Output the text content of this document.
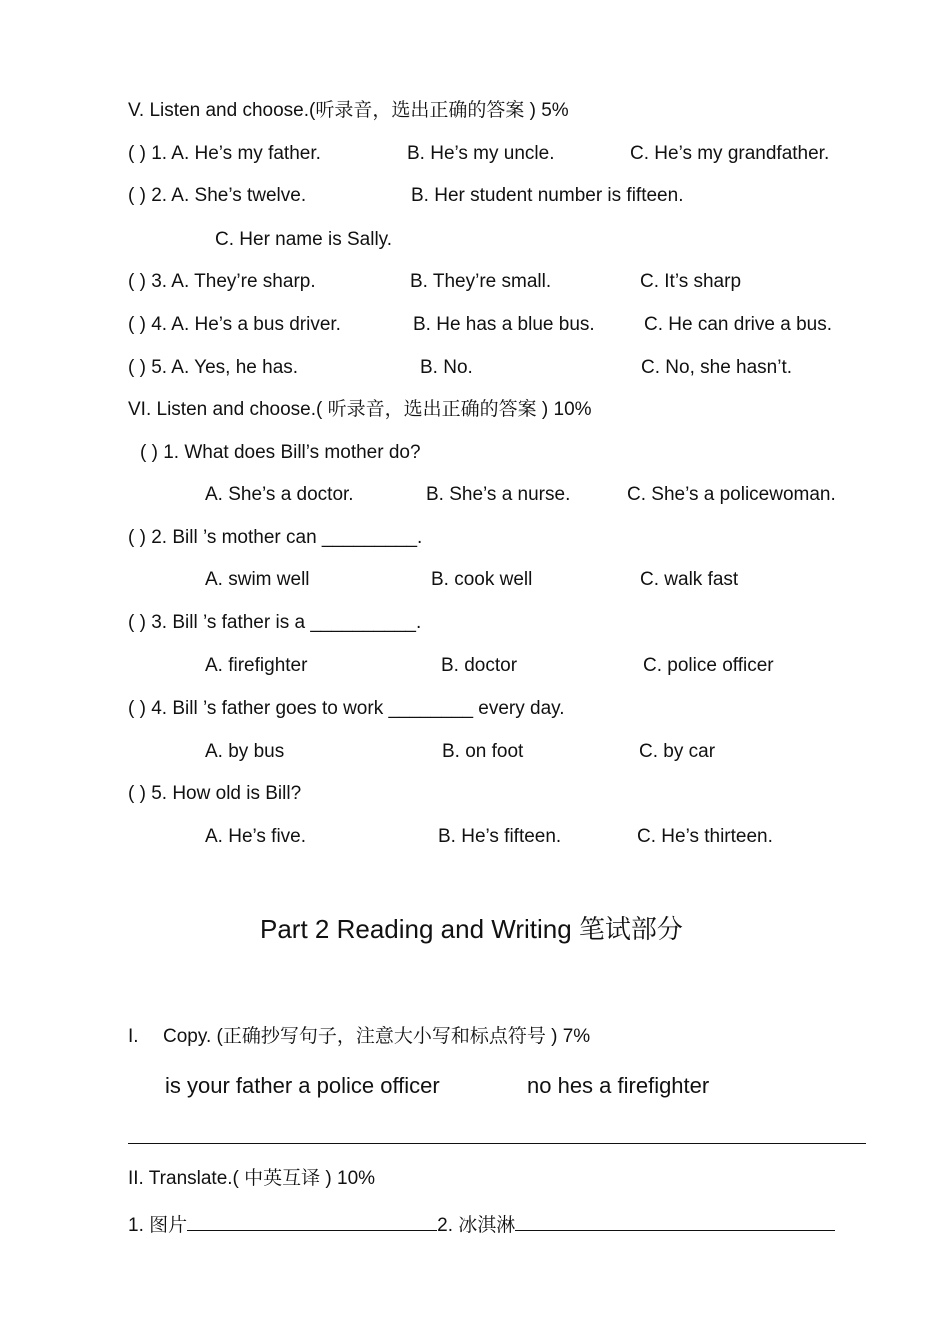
V. Listen and choose.(听录音，选出正确的答案 ) 5%
( ) 1. A. He’s my father.	B. He’s my uncle.	C. He’s my grandfather.
( ) 2. A. She’s twelve.	B. Her student number is fifteen.
C. Her name is Sally.
( ) 3. A. They’re sharp.	B. They’re small.	C. It’s sharp
( ) 4. A. He’s a bus driver.	B. He has a blue bus.	C. He can drive a bus.
( ) 5. A. Yes, he has.	B. No.	C. No, she hasn’t.
VI. Listen and choose.( 听录音，选出正确的答案 ) 10%
( ) 1. What does Bill’s mother do?
A. She’s a doctor.	B. She’s a nurse.	C. She’s a policewoman.
( ) 2. Bill ’s mother can _________.
A. swim well	B. cook well	C. walk fast
( ) 3. Bill ’s father is a __________.
A. firefighter	B. doctor	C. police officer
( ) 4. Bill ’s father goes to work ________ every day.
A. by bus	B. on foot	C. by car
( ) 5. How old is Bill?
A. He’s five.	B. He’s fifteen.	C. He’s thirteen.
Part 2 Reading and Writing 笔试部分
I. Copy. (正确抄写句子，注意大小写和标点符号 ) 7%
is your father a police officer	no hes a firefighter
II. Translate.( 中英互译 ) 10%
1. 图片	2. 冰淇淋
